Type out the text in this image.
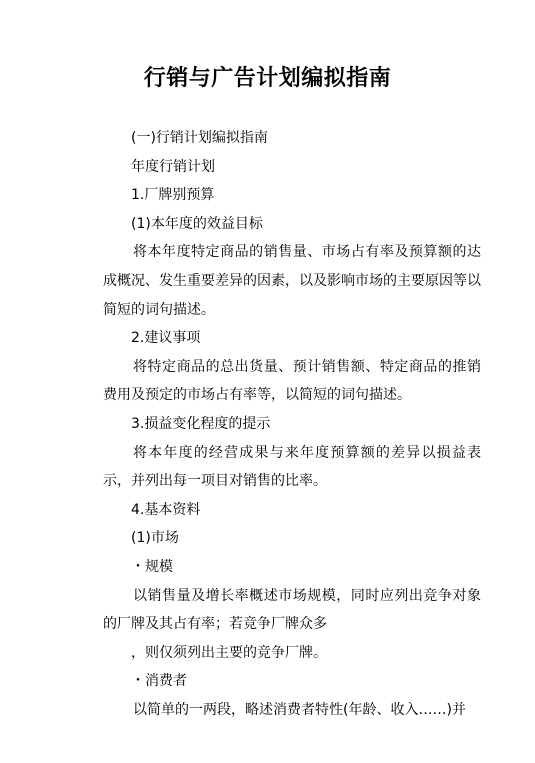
行销与广告计划编拟指南

(一)行销计划编拟指南

年度行销计划

1.厂牌别预算

(1)本年度的效益目标

将本年度特定商品的销售量、市场占有率及预算额的达成概况、发生重要差异的因素，以及影响市场的主要原因等以简短的词句描述。

2.建议事项

将特定商品的总出货量、预计销售额、特定商品的推销费用及预定的市场占有率等，以简短的词句描述。

3.损益变化程度的提示

将本年度的经营成果与来年度预算额的差异以损益表示，并列出每一项目对销售的比率。

4.基本资料

(1)市场

・规模

以销售量及增长率概述市场规模，同时应列出竞争对象的厂牌及其占有率；若竞争厂牌众多

，则仅须列出主要的竞争厂牌。

・消费者

以简单的一两段，略述消费者特性(年龄、收入……)并
